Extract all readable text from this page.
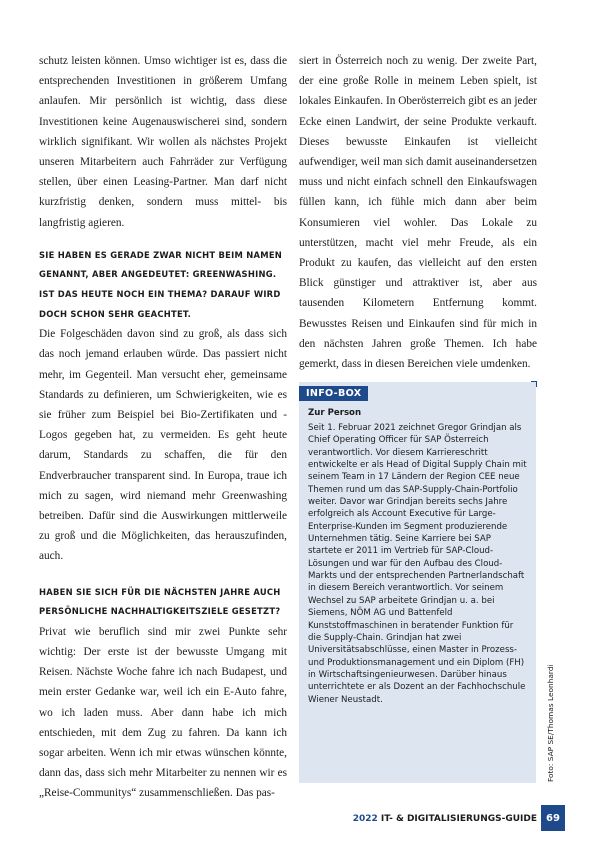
schutz leisten können. Umso wichtiger ist es, dass die entsprechenden Investitionen in größerem Umfang anlaufen. Mir persönlich ist wichtig, dass diese Investitionen keine Augenauswischerei sind, sondern wirklich signifikant. Wir wollen als nächstes Projekt unseren Mitarbeitern auch Fahrräder zur Verfügung stellen, über einen Leasing-Partner. Man darf nicht kurzfristig denken, sondern muss mittel- bis langfristig agieren.

SIE HABEN ES GERADE ZWAR NICHT BEIM NAMEN GENANNT, ABER ANGEDEUTET: GREENWASHING. IST DAS HEUTE NOCH EIN THEMA? DARAUF WIRD DOCH SCHON SEHR GEACHTET.

Die Folgeschäden davon sind zu groß, als dass sich das noch jemand erlauben würde. Das passiert nicht mehr, im Gegenteil. Man versucht eher, gemeinsame Standards zu definieren, um Schwierigkeiten, wie es sie früher zum Beispiel bei Bio-Zertifikaten und -Logos gegeben hat, zu vermeiden. Es geht heute darum, Standards zu schaffen, die für den Endverbraucher transparent sind. In Europa, traue ich mich zu sagen, wird niemand mehr Greenwashing betreiben. Dafür sind die Auswirkungen mittlerweile zu groß und die Möglichkeiten, das herauszufinden, auch.

HABEN SIE SICH FÜR DIE NÄCHSTEN JAHRE AUCH PERSÖNLICHE NACHHALTIGKEITSZIELE GESETZT?

Privat wie beruflich sind mir zwei Punkte sehr wichtig: Der erste ist der bewusste Umgang mit Reisen. Nächste Woche fahre ich nach Budapest, und mein erster Gedanke war, weil ich ein E-Auto fahre, wo ich laden muss. Aber dann habe ich mich entschieden, mit dem Zug zu fahren. Da kann ich sogar arbeiten. Wenn ich mir etwas wünschen könnte, dann das, dass sich mehr Mitarbeiter zu nennen wir es „Reise-Communitys“ zusammenschließen. Das pas-

siert in Österreich noch zu wenig. Der zweite Part, der eine große Rolle in meinem Leben spielt, ist lokales Einkaufen. In Oberösterreich gibt es an jeder Ecke einen Landwirt, der seine Produkte verkauft. Dieses bewusste Einkaufen ist vielleicht aufwendiger, weil man sich damit auseinandersetzen muss und nicht einfach schnell den Einkaufswagen füllen kann, ich fühle mich dann aber beim Konsumieren viel wohler. Das Lokale zu unterstützen, macht viel mehr Freude, als ein Produkt zu kaufen, das vielleicht auf den ersten Blick günstiger und attraktiver ist, aber aus tausenden Kilometern Entfernung kommt. Bewusstes Reisen und Einkaufen sind für mich in den nächsten Jahren große Themen. Ich habe gemerkt, dass in diesen Bereichen viele umdenken.

INFO-BOX
Zur Person

Seit 1. Februar 2021 zeichnet Gregor Grindjan als Chief Operating Officer für SAP Österreich verantwortlich. Vor diesem Karriereschritt entwickelte er als Head of Digital Supply Chain mit seinem Team in 17 Ländern der Region CEE neue Themen rund um das SAP-Supply-Chain-Portfolio weiter. Davor war Grindjan bereits sechs Jahre erfolgreich als Account Executive für Large-Enterprise-Kunden im Segment produzierende Unternehmen tätig. Seine Karriere bei SAP startete er 2011 im Vertrieb für SAP-Cloud-Lösungen und war für den Aufbau des Cloud-Markts und der entsprechenden Partnerlandschaft in diesem Bereich verantwortlich. Vor seinem Wechsel zu SAP arbeitete Grindjan u. a. bei Siemens, NÖM AG und Battenfeld Kunststoffmaschinen in beratender Funktion für die Supply-Chain. Grindjan hat zwei Universitätsabschlüsse, einen Master in Prozess- und Produktionsmanagement und ein Diplom (FH) in Wirtschaftsingenieurwesen. Darüber hinaus unterrichtete er als Dozent an der Fachhochschule Wiener Neustadt.	Foto: SAP SE/Thomas Leonhardi
2022 IT- & DIGITALISIERUNGS-GUIDE 69
